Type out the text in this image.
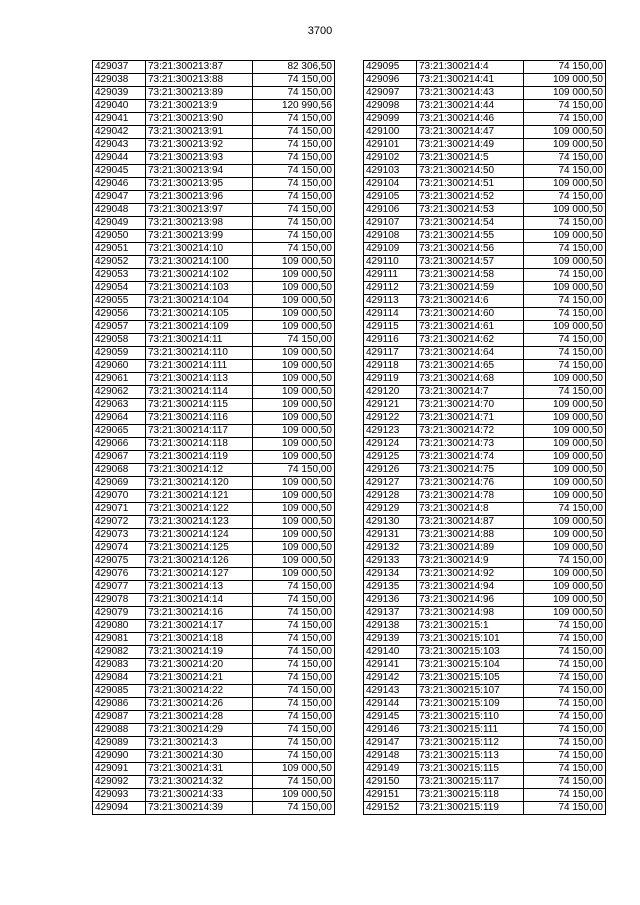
3700
429037	73:21:300213:87	82 306,50
429038	73:21:300213:88	74 150,00
429039	73:21:300213:89	74 150,00
429040	73:21:300213:9	120 990,56
429041	73:21:300213:90	74 150,00
429042	73:21:300213:91	74 150,00
429043	73:21:300213:92	74 150,00
429044	73:21:300213:93	74 150,00
429045	73:21:300213:94	74 150,00
429046	73:21:300213:95	74 150,00
429047	73:21:300213:96	74 150,00
429048	73:21:300213:97	74 150,00
429049	73:21:300213:98	74 150,00
429050	73:21:300213:99	74 150,00
429051	73:21:300214:10	74 150,00
429052	73:21:300214:100	109 000,50
429053	73:21:300214:102	109 000,50
429054	73:21:300214:103	109 000,50
429055	73:21:300214:104	109 000,50
429056	73:21:300214:105	109 000,50
429057	73:21:300214:109	109 000,50
429058	73:21:300214:11	74 150,00
429059	73:21:300214:110	109 000,50
429060	73:21:300214:111	109 000,50
429061	73:21:300214:113	109 000,50
429062	73:21:300214:114	109 000,50
429063	73:21:300214:115	109 000,50
429064	73:21:300214:116	109 000,50
429065	73:21:300214:117	109 000,50
429066	73:21:300214:118	109 000,50
429067	73:21:300214:119	109 000,50
429068	73:21:300214:12	74 150,00
429069	73:21:300214:120	109 000,50
429070	73:21:300214:121	109 000,50
429071	73:21:300214:122	109 000,50
429072	73:21:300214:123	109 000,50
429073	73:21:300214:124	109 000,50
429074	73:21:300214:125	109 000,50
429075	73:21:300214:126	109 000,50
429076	73:21:300214:127	109 000,50
429077	73:21:300214:13	74 150,00
429078	73:21:300214:14	74 150,00
429079	73:21:300214:16	74 150,00
429080	73:21:300214:17	74 150,00
429081	73:21:300214:18	74 150,00
429082	73:21:300214:19	74 150,00
429083	73:21:300214:20	74 150,00
429084	73:21:300214:21	74 150,00
429085	73:21:300214:22	74 150,00
429086	73:21:300214:26	74 150,00
429087	73:21:300214:28	74 150,00
429088	73:21:300214:29	74 150,00
429089	73:21:300214:3	74 150,00
429090	73:21:300214:30	74 150,00
429091	73:21:300214:31	109 000,50
429092	73:21:300214:32	74 150,00
429093	73:21:300214:33	109 000,50
429094	73:21:300214:39	74 150,00
429095	73:21:300214:4	74 150,00
429096	73:21:300214:41	109 000,50
429097	73:21:300214:43	109 000,50
429098	73:21:300214:44	74 150,00
429099	73:21:300214:46	74 150,00
429100	73:21:300214:47	109 000,50
429101	73:21:300214:49	109 000,50
429102	73:21:300214:5	74 150,00
429103	73:21:300214:50	74 150,00
429104	73:21:300214:51	109 000,50
429105	73:21:300214:52	74 150,00
429106	73:21:300214:53	109 000,50
429107	73:21:300214:54	74 150,00
429108	73:21:300214:55	109 000,50
429109	73:21:300214:56	74 150,00
429110	73:21:300214:57	109 000,50
429111	73:21:300214:58	74 150,00
429112	73:21:300214:59	109 000,50
429113	73:21:300214:6	74 150,00
429114	73:21:300214:60	74 150,00
429115	73:21:300214:61	109 000,50
429116	73:21:300214:62	74 150,00
429117	73:21:300214:64	74 150,00
429118	73:21:300214:65	74 150,00
429119	73:21:300214:68	109 000,50
429120	73:21:300214:7	74 150,00
429121	73:21:300214:70	109 000,50
429122	73:21:300214:71	109 000,50
429123	73:21:300214:72	109 000,50
429124	73:21:300214:73	109 000,50
429125	73:21:300214:74	109 000,50
429126	73:21:300214:75	109 000,50
429127	73:21:300214:76	109 000,50
429128	73:21:300214:78	109 000,50
429129	73:21:300214:8	74 150,00
429130	73:21:300214:87	109 000,50
429131	73:21:300214:88	109 000,50
429132	73:21:300214:89	109 000,50
429133	73:21:300214:9	74 150,00
429134	73:21:300214:92	109 000,50
429135	73:21:300214:94	109 000,50
429136	73:21:300214:96	109 000,50
429137	73:21:300214:98	109 000,50
429138	73:21:300215:1	74 150,00
429139	73:21:300215:101	74 150,00
429140	73:21:300215:103	74 150,00
429141	73:21:300215:104	74 150,00
429142	73:21:300215:105	74 150,00
429143	73:21:300215:107	74 150,00
429144	73:21:300215:109	74 150,00
429145	73:21:300215:110	74 150,00
429146	73:21:300215:111	74 150,00
429147	73:21:300215:112	74 150,00
429148	73:21:300215:113	74 150,00
429149	73:21:300215:115	74 150,00
429150	73:21:300215:117	74 150,00
429151	73:21:300215:118	74 150,00
429152	73:21:300215:119	74 150,00
